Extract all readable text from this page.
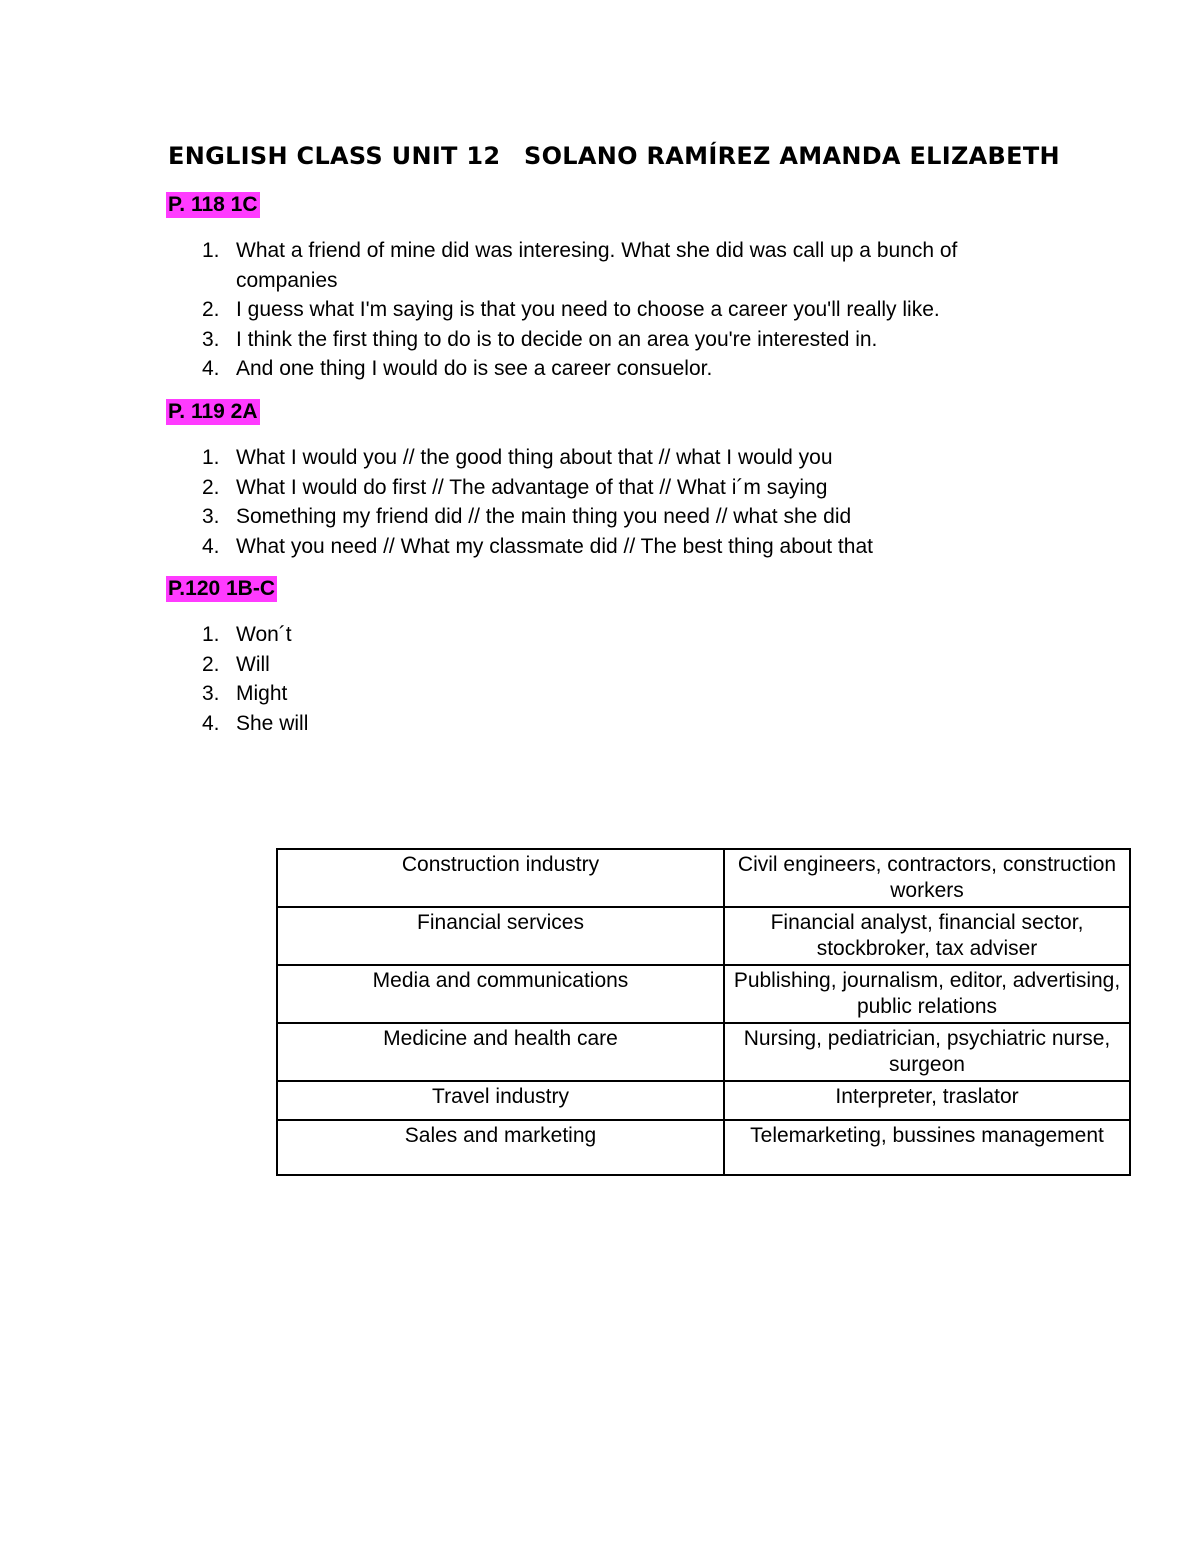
ENGLISH CLASS UNIT 12 SOLANO RAMÍREZ AMANDA ELIZABETH
P. 118 1C
1. What a friend of mine did was interesing. What she did was call up a bunch of companies
2. I guess what I'm saying is that you need to choose a career you'll really like.
3. I think the first thing to do is to decide on an area you're interested in.
4. And one thing I would do is see a career consuelor.
P. 119 2A
1. What I would you // the good thing about that // what I would you
2. What I would do first // The advantage of that // What i´m saying
3. Something my friend did // the main thing you need // what she did
4. What you need // What my classmate did // The best thing about that
P.120 1B-C
1. Won´t
2. Will
3. Might
4. She will
Construction industry	Civil engineers, contractors, construction workers
Financial services	Financial analyst, financial sector, stockbroker, tax adviser
Media and communications	Publishing, journalism, editor, advertising, public relations
Medicine and health care	Nursing, pediatrician, psychiatric nurse, surgeon
Travel industry	Interpreter, traslator
Sales and marketing	Telemarketing, bussines management
